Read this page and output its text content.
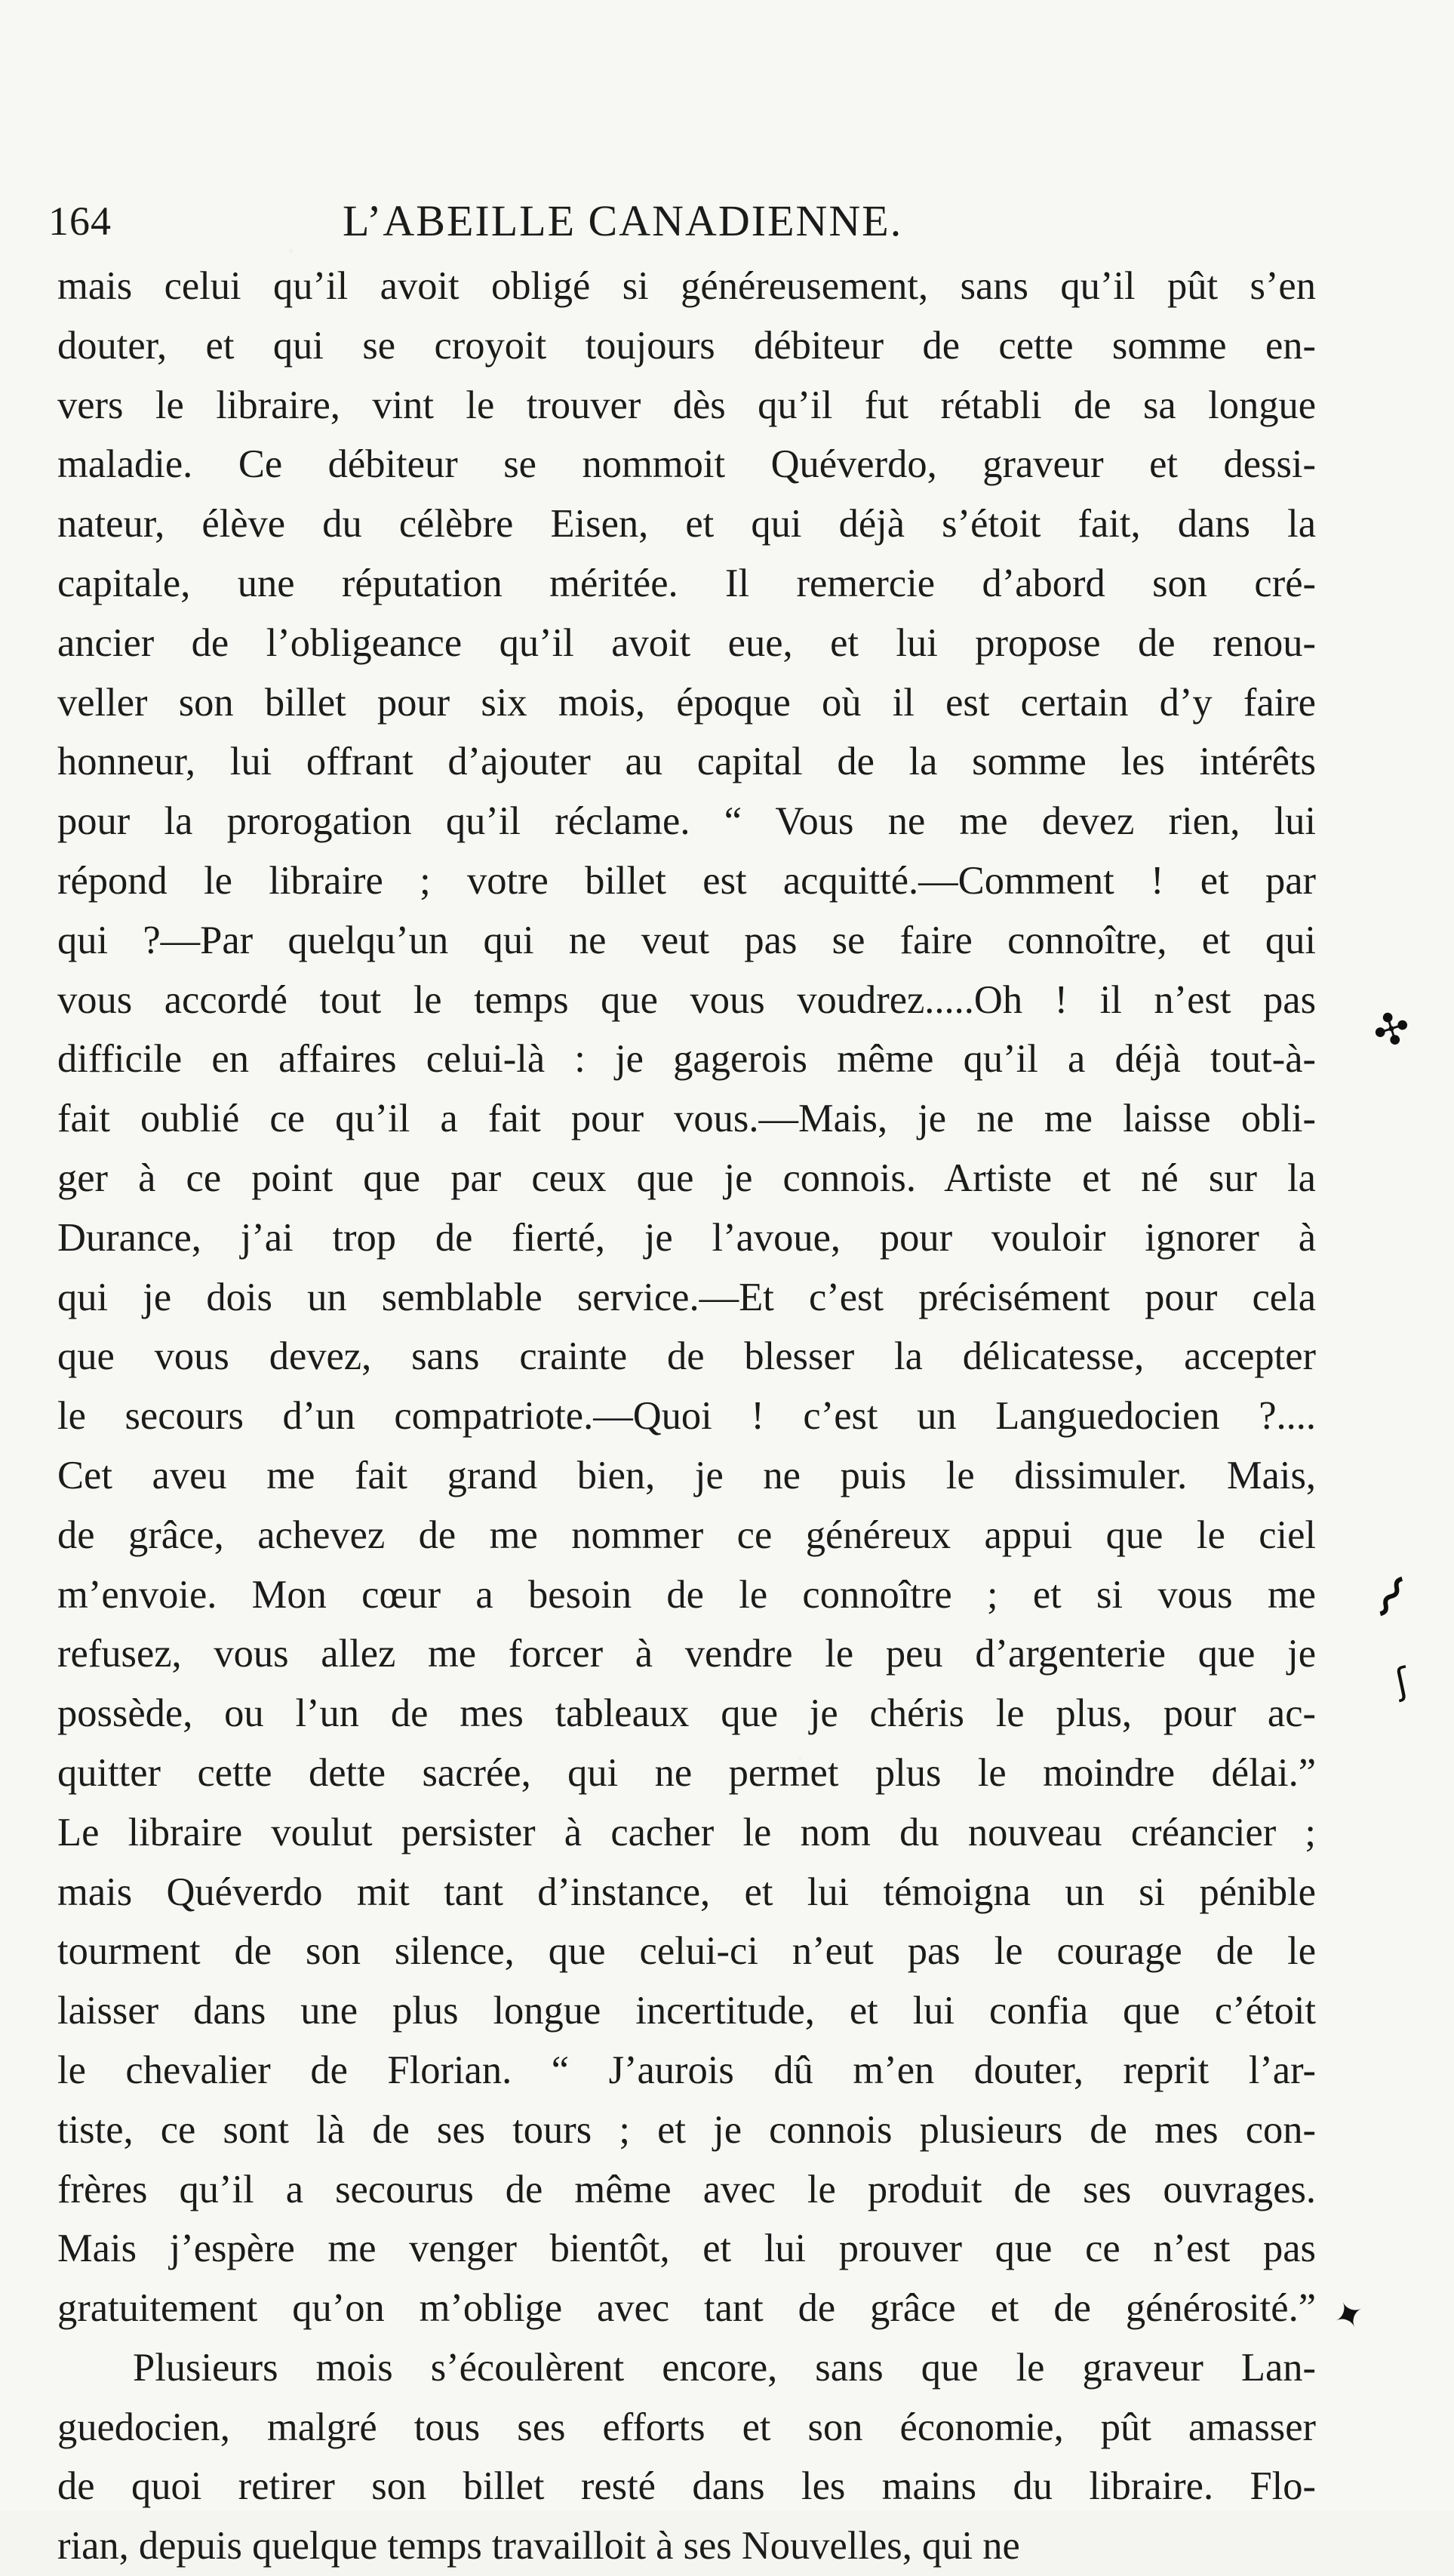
164	L’ABEILLE CANADIENNE.
mais celui qu’il avoit obligé si généreusement, sans qu’il pût s’en
douter, et qui se croyoit toujours débiteur de cette somme en-
vers le libraire, vint le trouver dès qu’il fut rétabli de sa longue
maladie. Ce débiteur se nommoit Quéverdo, graveur et dessi-
nateur, élève du célèbre Eisen, et qui déjà s’étoit fait, dans la
capitale, une réputation méritée. Il remercie d’abord son cré-
ancier de l’obligeance qu’il avoit eue, et lui propose de renou-
veller son billet pour six mois, époque où il est certain d’y faire
honneur, lui offrant d’ajouter au capital de la somme les intérêts
pour la prorogation qu’il réclame. “ Vous ne me devez rien, lui
répond le libraire ; votre billet est acquitté.—Comment ! et par
qui ?—Par quelqu’un qui ne veut pas se faire connoître, et qui
vous accordé tout le temps que vous voudrez.....Oh ! il n’est pas
difficile en affaires celui-là : je gagerois même qu’il a déjà tout-à-
fait oublié ce qu’il a fait pour vous.—Mais, je ne me laisse obli-
ger à ce point que par ceux que je connois. Artiste et né sur la
Durance, j’ai trop de fierté, je l’avoue, pour vouloir ignorer à
qui je dois un semblable service.—Et c’est précisément pour cela
que vous devez, sans crainte de blesser la délicatesse, accepter
le secours d’un compatriote.—Quoi ! c’est un Languedocien ?....
Cet aveu me fait grand bien, je ne puis le dissimuler. Mais,
de grâce, achevez de me nommer ce généreux appui que le ciel
m’envoie. Mon cœur a besoin de le connoître ; et si vous me
refusez, vous allez me forcer à vendre le peu d’argenterie que je
possède, ou l’un de mes tableaux que je chéris le plus, pour ac-
quitter cette dette sacrée, qui ne permet plus le moindre délai.”
Le libraire voulut persister à cacher le nom du nouveau créancier ;
mais Quéverdo mit tant d’instance, et lui témoigna un si pénible
tourment de son silence, que celui-ci n’eut pas le courage de le
laisser dans une plus longue incertitude, et lui confia que c’étoit
le chevalier de Florian. “ J’aurois dû m’en douter, reprit l’ar-
tiste, ce sont là de ses tours ; et je connois plusieurs de mes con-
frères qu’il a secourus de même avec le produit de ses ouvrages.
Mais j’espère me venger bientôt, et lui prouver que ce n’est pas
gratuitement qu’on m’oblige avec tant de grâce et de générosité.”
Plusieurs mois s’écoulèrent encore, sans que le graveur Lan-
guedocien, malgré tous ses efforts et son économie, pût amasser
de quoi retirer son billet resté dans les mains du libraire. Flo-
rian, depuis quelque temps travailloit à ses Nouvelles, qui ne
✣
⌇
ʃ
✦
